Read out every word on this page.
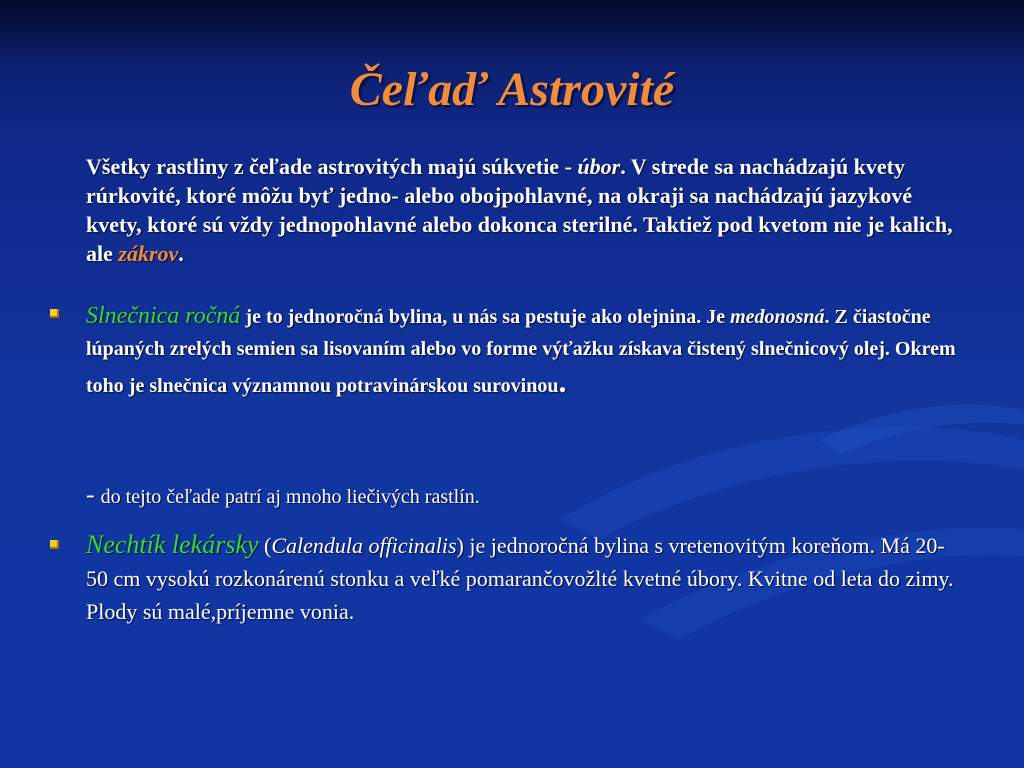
Čeľaď Astrovité
Všetky rastliny z čeľade astrovitých majú súkvetie - úbor. V strede sa nachádzajú kvety rúrkovité, ktoré môžu byť jedno- alebo obojpohlavné, na okraji sa nachádzajú jazykové kvety, ktoré sú vždy jednopohlavné alebo dokonca sterilné. Taktiež pod kvetom nie je kalich, ale zákrov.
Slnečnica ročná je to jednoročná bylina, u nás sa pestuje ako olejnina. Je medonosná. Z čiastočne lúpaných zrelých semien sa lisovaním alebo vo forme výťažku získava čistený slnečnicový olej. Okrem toho je slnečnica významnou potravinárskou surovinou.
- do tejto čeľade patrí aj mnoho liečivých rastlín.
Nechtík lekársky (Calendula officinalis) je jednoročná bylina s vretenovitým koreňom. Má 20-50 cm vysokú rozkonárenú stonku a veľké pomarančovožlté kvetné úbory. Kvitne od leta do zimy. Plody sú malé,príjemne vonia.
